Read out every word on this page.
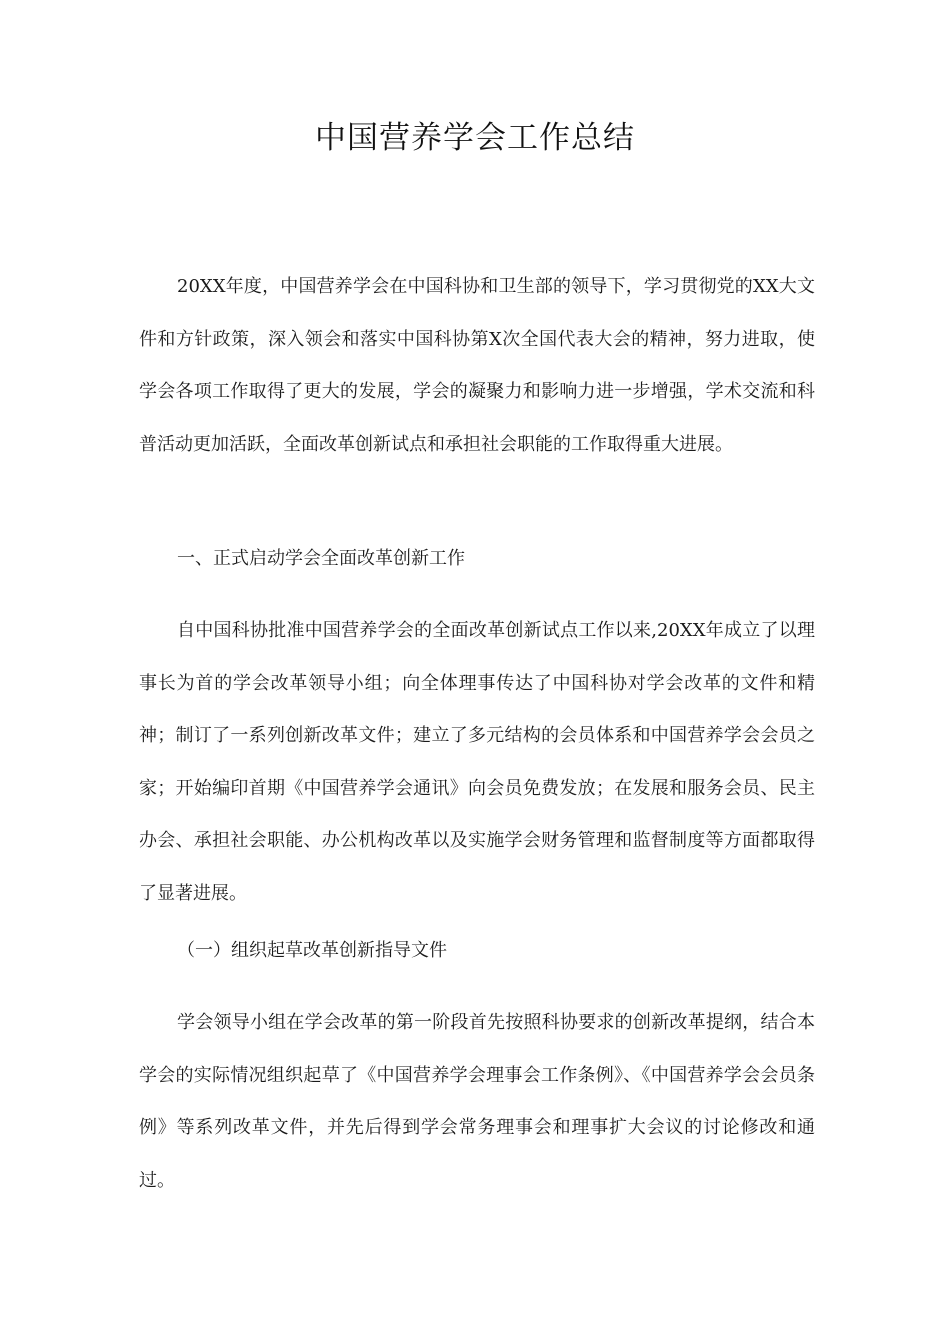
中国营养学会工作总结

20XX年度，中国营养学会在中国科协和卫生部的领导下，学习贯彻党的XX大文件和方针政策，深入领会和落实中国科协第X次全国代表大会的精神，努力进取，使学会各项工作取得了更大的发展，学会的凝聚力和影响力进一步增强，学术交流和科普活动更加活跃，全面改革创新试点和承担社会职能的工作取得重大进展。

一、正式启动学会全面改革创新工作

自中国科协批准中国营养学会的全面改革创新试点工作以来,20XX年成立了以理事长为首的学会改革领导小组；向全体理事传达了中国科协对学会改革的文件和精神；制订了一系列创新改革文件；建立了多元结构的会员体系和中国营养学会会员之家；开始编印首期《中国营养学会通讯》向会员免费发放；在发展和服务会员、民主办会、承担社会职能、办公机构改革以及实施学会财务管理和监督制度等方面都取得了显著进展。

（一）组织起草改革创新指导文件

学会领导小组在学会改革的第一阶段首先按照科协要求的创新改革提纲，结合本学会的实际情况组织起草了《中国营养学会理事会工作条例》、《中国营养学会会员条例》等系列改革文件，并先后得到学会常务理事会和理事扩大会议的讨论修改和通过。
